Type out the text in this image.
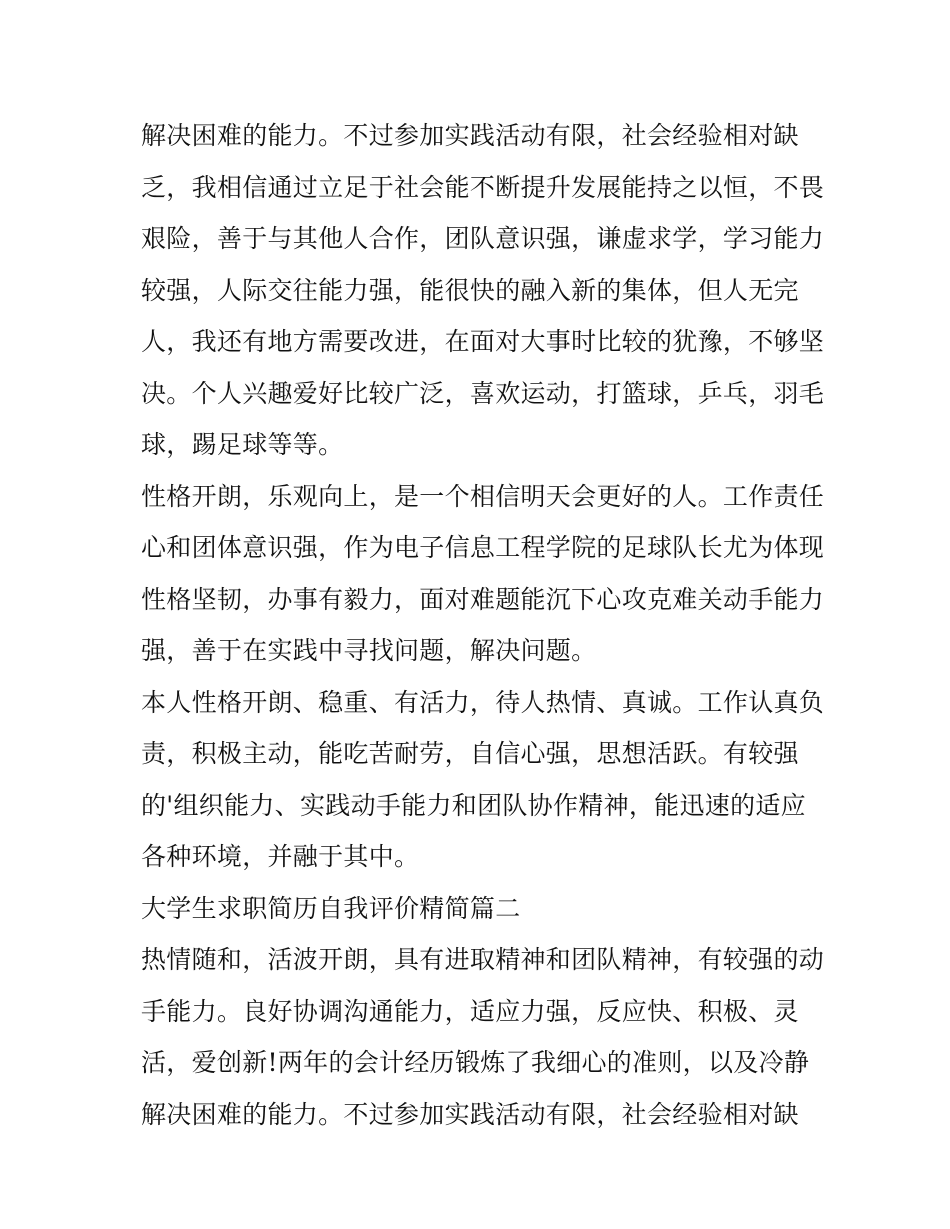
解决困难的能力。不过参加实践活动有限，社会经验相对缺
乏，我相信通过立足于社会能不断提升发展能持之以恒，不畏
艰险，善于与其他人合作，团队意识强，谦虚求学，学习能力
较强，人际交往能力强，能很快的融入新的集体，但人无完
人，我还有地方需要改进，在面对大事时比较的犹豫，不够坚
决。个人兴趣爱好比较广泛，喜欢运动，打篮球，乒乓，羽毛
球，踢足球等等。
性格开朗，乐观向上，是一个相信明天会更好的人。工作责任
心和团体意识强，作为电子信息工程学院的足球队长尤为体现
性格坚韧，办事有毅力，面对难题能沉下心攻克难关动手能力
强，善于在实践中寻找问题，解决问题。
本人性格开朗、稳重、有活力，待人热情、真诚。工作认真负
责，积极主动，能吃苦耐劳，自信心强，思想活跃。有较强
的'组织能力、实践动手能力和团队协作精神，能迅速的适应
各种环境，并融于其中。
大学生求职简历自我评价精简篇二
热情随和，活波开朗，具有进取精神和团队精神，有较强的动
手能力。良好协调沟通能力，适应力强，反应快、积极、灵
活，爱创新!两年的会计经历锻炼了我细心的准则，以及冷静
解决困难的能力。不过参加实践活动有限，社会经验相对缺
